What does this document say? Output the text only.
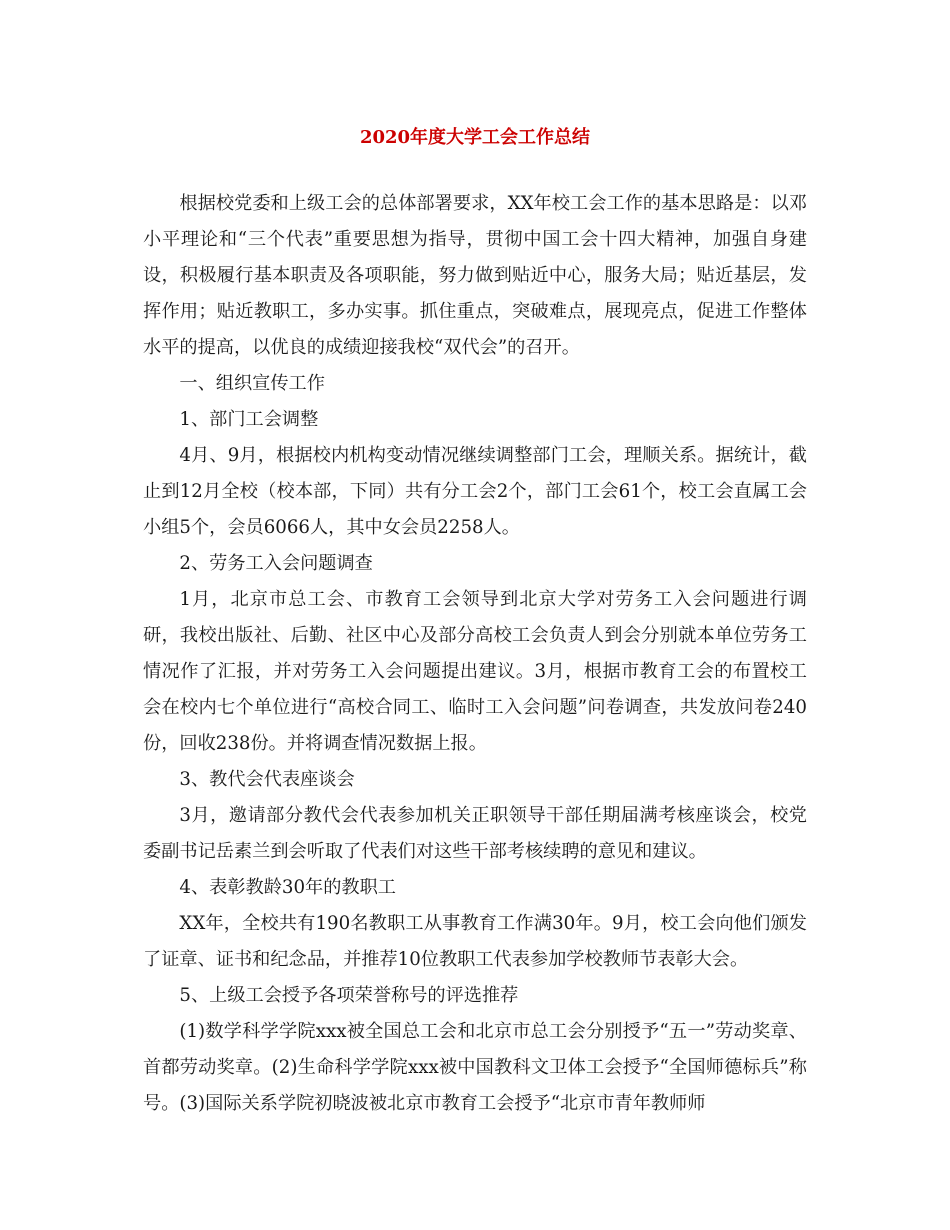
2020年度大学工会工作总结

根据校党委和上级工会的总体部署要求，XX年校工会工作的基本思路是：以邓小平理论和“三个代表”重要思想为指导，贯彻中国工会十四大精神，加强自身建设，积极履行基本职责及各项职能，努力做到贴近中心，服务大局；贴近基层，发挥作用；贴近教职工，多办实事。抓住重点，突破难点，展现亮点，促进工作整体水平的提高，以优良的成绩迎接我校“双代会”的召开。

一、组织宣传工作

1、部门工会调整

4月、9月，根据校内机构变动情况继续调整部门工会，理顺关系。据统计，截止到12月全校（校本部，下同）共有分工会2个，部门工会61个，校工会直属工会小组5个，会员6066人，其中女会员2258人。

2、劳务工入会问题调查

1月，北京市总工会、市教育工会领导到北京大学对劳务工入会问题进行调研，我校出版社、后勤、社区中心及部分高校工会负责人到会分别就本单位劳务工情况作了汇报，并对劳务工入会问题提出建议。3月，根据市教育工会的布置校工会在校内七个单位进行“高校合同工、临时工入会问题”问卷调查，共发放问卷240份，回收238份。并将调查情况数据上报。

3、教代会代表座谈会

3月，邀请部分教代会代表参加机关正职领导干部任期届满考核座谈会，校党委副书记岳素兰到会听取了代表们对这些干部考核续聘的意见和建议。

4、表彰教龄30年的教职工

XX年，全校共有190名教职工从事教育工作满30年。9月，校工会向他们颁发了证章、证书和纪念品，并推荐10位教职工代表参加学校教师节表彰大会。

5、上级工会授予各项荣誉称号的评选推荐

(1)数学科学学院xxx被全国总工会和北京市总工会分别授予“五一”劳动奖章、首都劳动奖章。(2)生命科学学院xxx被中国教科文卫体工会授予“全国师德标兵”称号。(3)国际关系学院初晓波被北京市教育工会授予“北京市青年教师师
